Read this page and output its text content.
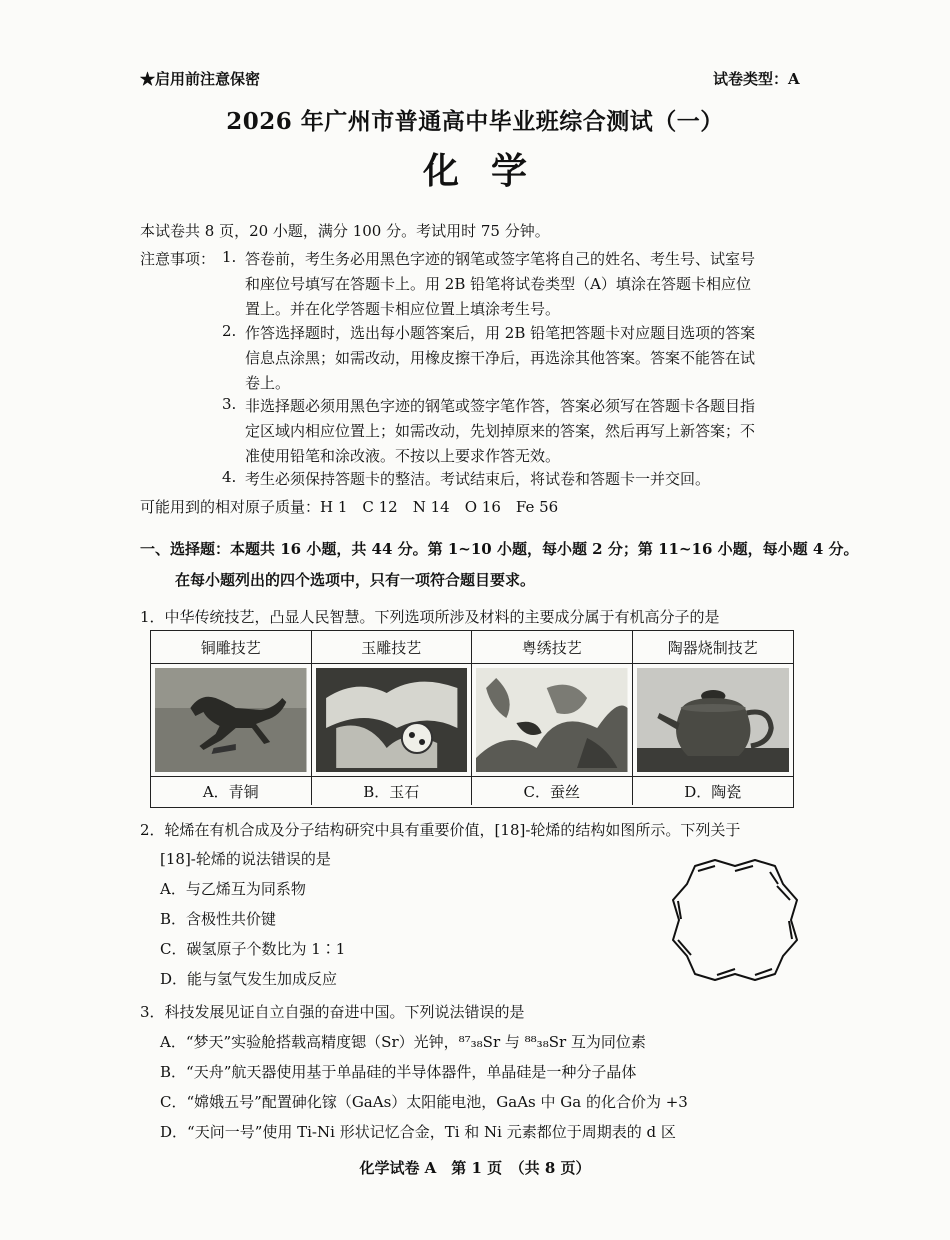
★启用前注意保密	试卷类型：A
2026 年广州市普通高中毕业班综合测试（一）
化学
本试卷共 8 页，20 小题，满分 100 分。考试用时 75 分钟。
注意事项： 1. 答卷前，考生务必用黑色字迹的钢笔或签字笔将自己的姓名、考生号、试室号
和座位号填写在答题卡上。用 2B 铅笔将试卷类型（A）填涂在答题卡相应位
置上。并在化学答题卡相应位置上填涂考生号。
2. 作答选择题时，选出每小题答案后，用 2B 铅笔把答题卡对应题目选项的答案
信息点涂黑；如需改动，用橡皮擦干净后，再选涂其他答案。答案不能答在试
卷上。
3. 非选择题必须用黑色字迹的钢笔或签字笔作答，答案必须写在答题卡各题目指
定区域内相应位置上；如需改动，先划掉原来的答案，然后再写上新答案；不
准使用铅笔和涂改液。不按以上要求作答无效。
4. 考生必须保持答题卡的整洁。考试结束后，将试卷和答题卡一并交回。
可能用到的相对原子质量：H 1　C 12　N 14　O 16　Fe 56
一、选择题：本题共 16 小题，共 44 分。第 1~10 小题，每小题 2 分；第 11~16 小题，每小题 4 分。
在每小题列出的四个选项中，只有一项符合题目要求。
1．中华传统技艺，凸显人民智慧。下列选项所涉及材料的主要成分属于有机高分子的是
铜雕技艺	玉雕技艺	粤绣技艺	陶器烧制技艺
A．青铜	B．玉石	C．蚕丝	D．陶瓷
2．轮烯在有机合成及分子结构研究中具有重要价值，[18]-轮烯的结构如图所示。下列关于
[18]-轮烯的说法错误的是
A．与乙烯互为同系物
B．含极性共价键
C．碳氢原子个数比为 1∶1
D．能与氢气发生加成反应
3．科技发展见证自立自强的奋进中国。下列说法错误的是
A．“梦天”实验舱搭载高精度锶（Sr）光钟，⁸⁷₃₈Sr 与 ⁸⁸₃₈Sr 互为同位素
B．“天舟”航天器使用基于单晶硅的半导体器件，单晶硅是一种分子晶体
C．“嫦娥五号”配置砷化镓（GaAs）太阳能电池，GaAs 中 Ga 的化合价为 +3
D．“天问一号”使用 Ti-Ni 形状记忆合金，Ti 和 Ni 元素都位于周期表的 d 区
化学试卷 A　第 1 页　（共 8 页）
